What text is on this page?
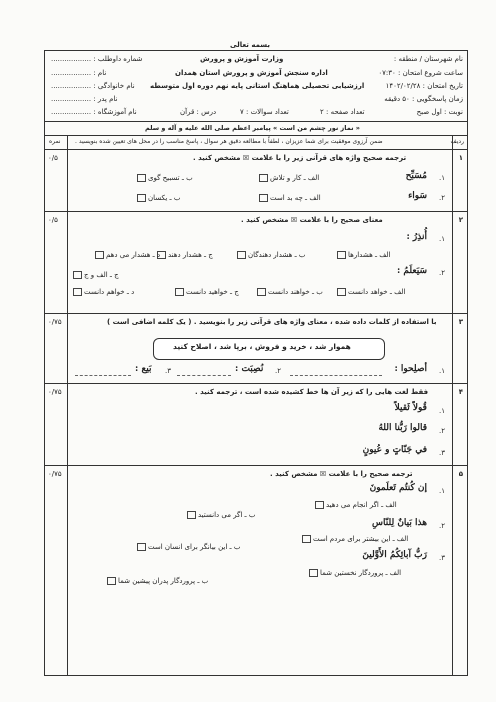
بسمه تعالی
نام شهرستان / منطقه :
وزارت آموزش و پرورش
شماره داوطلب : ..................
ساعت شروع امتحان : ۰۷:۳۰
اداره سنجش آموزش و پرورش استان همدان
نام : ..................
تاریخ امتحان : ۱۴۰۲/۰۲/۲۸
ارزشیابی تحصیلی هماهنگ استانی پایه نهم دوره اول متوسطه
نام خانوادگی : ..................
زمان پاسخگویی : ۵۰ دقیقه
نام پدر : ..................
نوبت : اول صبح
تعداد صفحه : ۲
تعداد سوالات : ۷
درس : قرآن
نام آموزشگاه : ..................
« نماز نور چشم من است » پیامبر اعظم صلی الله علیه و آله و سلم
ردیف
ضمن آرزوی موفقیت برای شما عزیزان ، لطفاً با مطالعه دقیق هر سوال ، پاسخ مناسب را در محل های تعیین شده بنویسید .
نمره
۱
۰/۵	ترجمه صحیح واژه های قرآنی زیر را با علامت ☒ مشخص کنید .
۱.
مُسَبِّح
الف ـ کار و تلاش
ب ـ تسبیح گوی
۲.
سَواء
الف ـ چه بد است
ب ـ یکسان
۲
۰/۵	معنای صحیح را با علامت ☒ مشخص کنید .
۱.
أُنذِرُ :
الف ـ هشدارها
ب ـ هشدار دهندگان
ج ـ هشدار دهند
د ـ هشدار می دهم
۲.
سَیَعلَمُ :
الف ـ خواهد دانست
ب ـ خواهند دانست
ج ـ خواهید دانست
د ـ خواهم دانست
ج ـ الف و ج
۳
۰/۷۵	با استفاده از کلمات داده شده ، معنای واژه های قرآنی زیر را بنویسید . ( یک کلمه اضافی است )
هموار شد ، خرید و فروش ، برپا شد ، اصلاح کنید
۱.
أصلِحوا :
۲.
نُصِبَت :
۳.
بَيع :
۴
۰/۷۵	فقط لغت هایی را که زیر آن ها خط کشیده شده است ، ترجمه کنید .
۱.
قُولاً ثَقیلاً
۲.
قالوا رَبُّنا اللهُ
۳.
في جَنّاتٍ و عُیونٍ
۵
۰/۷۵	ترجمه صحیح را با علامت ☒ مشخص کنید .
۱.
إن کُنتُم تَعلَمونَ
الف ـ اگر انجام می دهید
ب ـ اگر می دانستید
۲.
هذا بَیانٌ لِلنّاسِ
الف ـ این بیشتر برای مردم است
ب ـ این بیانگر برای انسان است
۳.
رَبُّ آبائِکُمُ الأَوَّلینَ
الف ـ پروردگار نخستین شما
ب ـ پروردگار پدران پیشین شما
